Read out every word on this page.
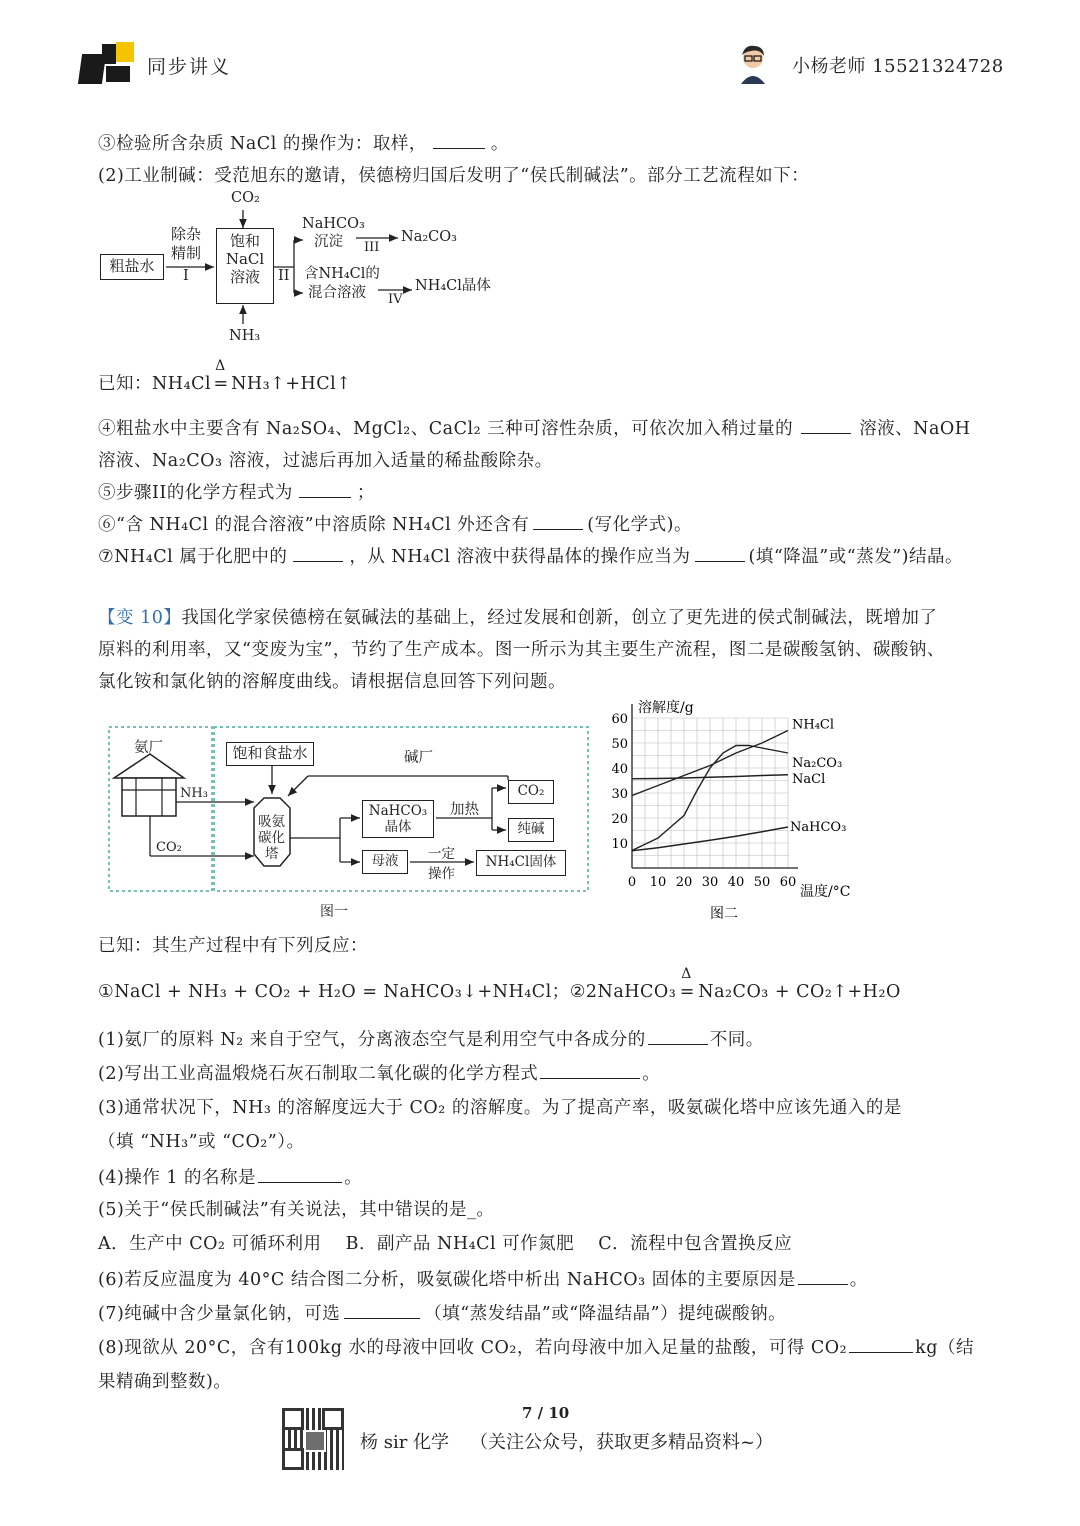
同步讲义	小杨老师 15521324728
③检验所含杂质 NaCl 的操作为：取样，	。
(2)工业制碱：受范旭东的邀请，侯德榜归国后发明了“侯氏制碱法”。部分工艺流程如下：
CO₂
粗盐水
除杂
精制
I
饱和
NaCl
溶液
NH₃
II
NaHCO₃
沉淀 III
Na₂CO₃
含NH₄Cl的
混合溶液 IV
NH₄Cl晶体
已知：NH₄Cl
Δ
= NH₃↑+HCl↑
④粗盐水中主要含有 Na₂SO₄、MgCl₂、CaCl₂ 三种可溶性杂质，可依次加入稍过量的	溶液、NaOH
溶液、Na₂CO₃ 溶液，过滤后再加入适量的稀盐酸除杂。
⑤步骤II的化学方程式为	；
⑥“含 NH₄Cl 的混合溶液”中溶质除 NH₄Cl 外还含有	(写化学式)。
⑦NH₄Cl 属于化肥中的	，从 NH₄Cl 溶液中获得晶体的操作应当为	(填“降温”或“蒸发”)结晶。
【变 10】我国化学家侯德榜在氨碱法的基础上，经过发展和创新，创立了更先进的侯式制碱法，既增加了
原料的利用率，又“变废为宝”，节约了生产成本。图一所示为其主要生产流程，图二是碳酸氢钠、碳酸钠、
氯化铵和氯化钠的溶解度曲线。请根据信息回答下列问题。
氨厂
NH₃
CO₂
饱和食盐水	碱厂
吸氨
碳化
塔
NaHCO₃
晶体
加热
CO₂
纯碱
母液	一定
操作
NH₄Cl固体
图一
NH₄Cl
Na₂CO₃
NaCl
NaHCO₃
0 10 20 30 40 50 60
10
20
30
40
50
60
溶解度/g
温度/°C
图二
已知：其生产过程中有下列反应：
①NaCl + NH₃ + CO₂ + H₂O = NaHCO₃↓+NH₄Cl；②2NaHCO₃
Δ
= Na₂CO₃ + CO₂↑+H₂O
(1)氨厂的原料 N₂ 来自于空气，分离液态空气是利用空气中各成分的	不同。
(2)写出工业高温煅烧石灰石制取二氧化碳的化学方程式	。
(3)通常状况下，NH₃ 的溶解度远大于 CO₂ 的溶解度。为了提高产率，吸氨碳化塔中应该先通入的是
（填 “NH₃”或 “CO₂”）。
(4)操作 1 的名称是	。
(5)关于“侯氏制碱法”有关说法，其中错误的是_。
A．生产中 CO₂ 可循环利用　 B．副产品 NH₄Cl 可作氮肥　 C．流程中包含置换反应
(6)若反应温度为 40°C 结合图二分析，吸氨碳化塔中析出 NaHCO₃ 固体的主要原因是	。
(7)纯碱中含少量氯化钠，可选	（填“蒸发结晶”或“降温结晶”）提纯碳酸钠。
(8)现欲从 20°C，含有100kg 水的母液中回收 CO₂，若向母液中加入足量的盐酸，可得 CO₂	kg（结
果精确到整数)。
7 / 10
杨 sir 化学 （关注公众号，获取更多精品资料~）
